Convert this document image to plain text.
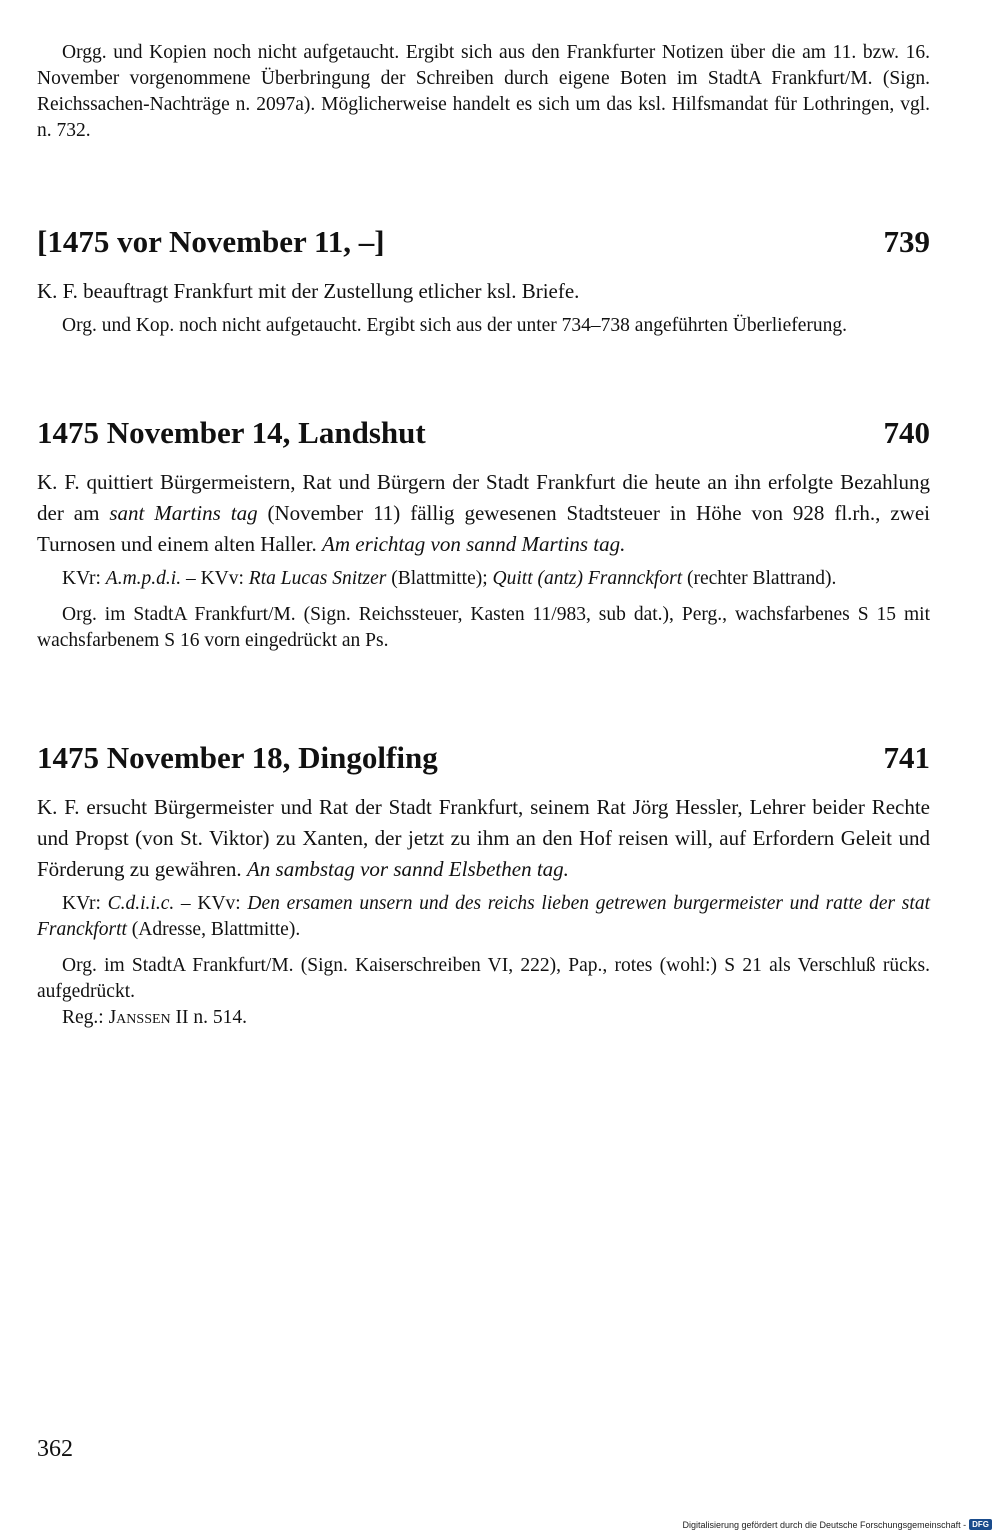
Orgg. und Kopien noch nicht aufgetaucht. Ergibt sich aus den Frankfurter Notizen über die am 11. bzw. 16. November vorgenommene Überbringung der Schreiben durch eigene Boten im StadtA Frankfurt/M. (Sign. Reichssachen-Nachträge n. 2097a). Möglicherweise handelt es sich um das ksl. Hilfsmandat für Lothringen, vgl. n. 732.

[1475 vor November 11, –]	739

K. F. beauftragt Frankfurt mit der Zustellung etlicher ksl. Briefe.

Org. und Kop. noch nicht aufgetaucht. Ergibt sich aus der unter 734–738 angeführten Überlieferung.

1475 November 14, Landshut	740

K. F. quittiert Bürgermeistern, Rat und Bürgern der Stadt Frankfurt die heute an ihn erfolgte Bezahlung der am sant Martins tag (November 11) fällig gewesenen Stadtsteuer in Höhe von 928 fl.rh., zwei Turnosen und einem alten Haller. Am erichtag von sannd Martins tag.

KVr: A.m.p.d.i. – KVv: Rta Lucas Snitzer (Blattmitte); Quitt (antz) Frannckfort (rechter Blattrand).

Org. im StadtA Frankfurt/M. (Sign. Reichssteuer, Kasten 11/983, sub dat.), Perg., wachsfarbenes S 15 mit wachsfarbenem S 16 vorn eingedrückt an Ps.

1475 November 18, Dingolfing	741

K. F. ersucht Bürgermeister und Rat der Stadt Frankfurt, seinem Rat Jörg Hessler, Lehrer beider Rechte und Propst (von St. Viktor) zu Xanten, der jetzt zu ihm an den Hof reisen will, auf Erfordern Geleit und Förderung zu gewähren. An sambstag vor sannd Elsbethen tag.

KVr: C.d.i.i.c. – KVv: Den ersamen unsern und des reichs lieben getrewen burgermeister und ratte der stat Franckfortt (Adresse, Blattmitte).

Org. im StadtA Frankfurt/M. (Sign. Kaiserschreiben VI, 222), Pap., rotes (wohl:) S 21 als Verschluß rücks. aufgedrückt.

Reg.: Janssen II n. 514.

362
Digitalisierung gefördert durch die Deutsche Forschungsgemeinschaft - DFG
